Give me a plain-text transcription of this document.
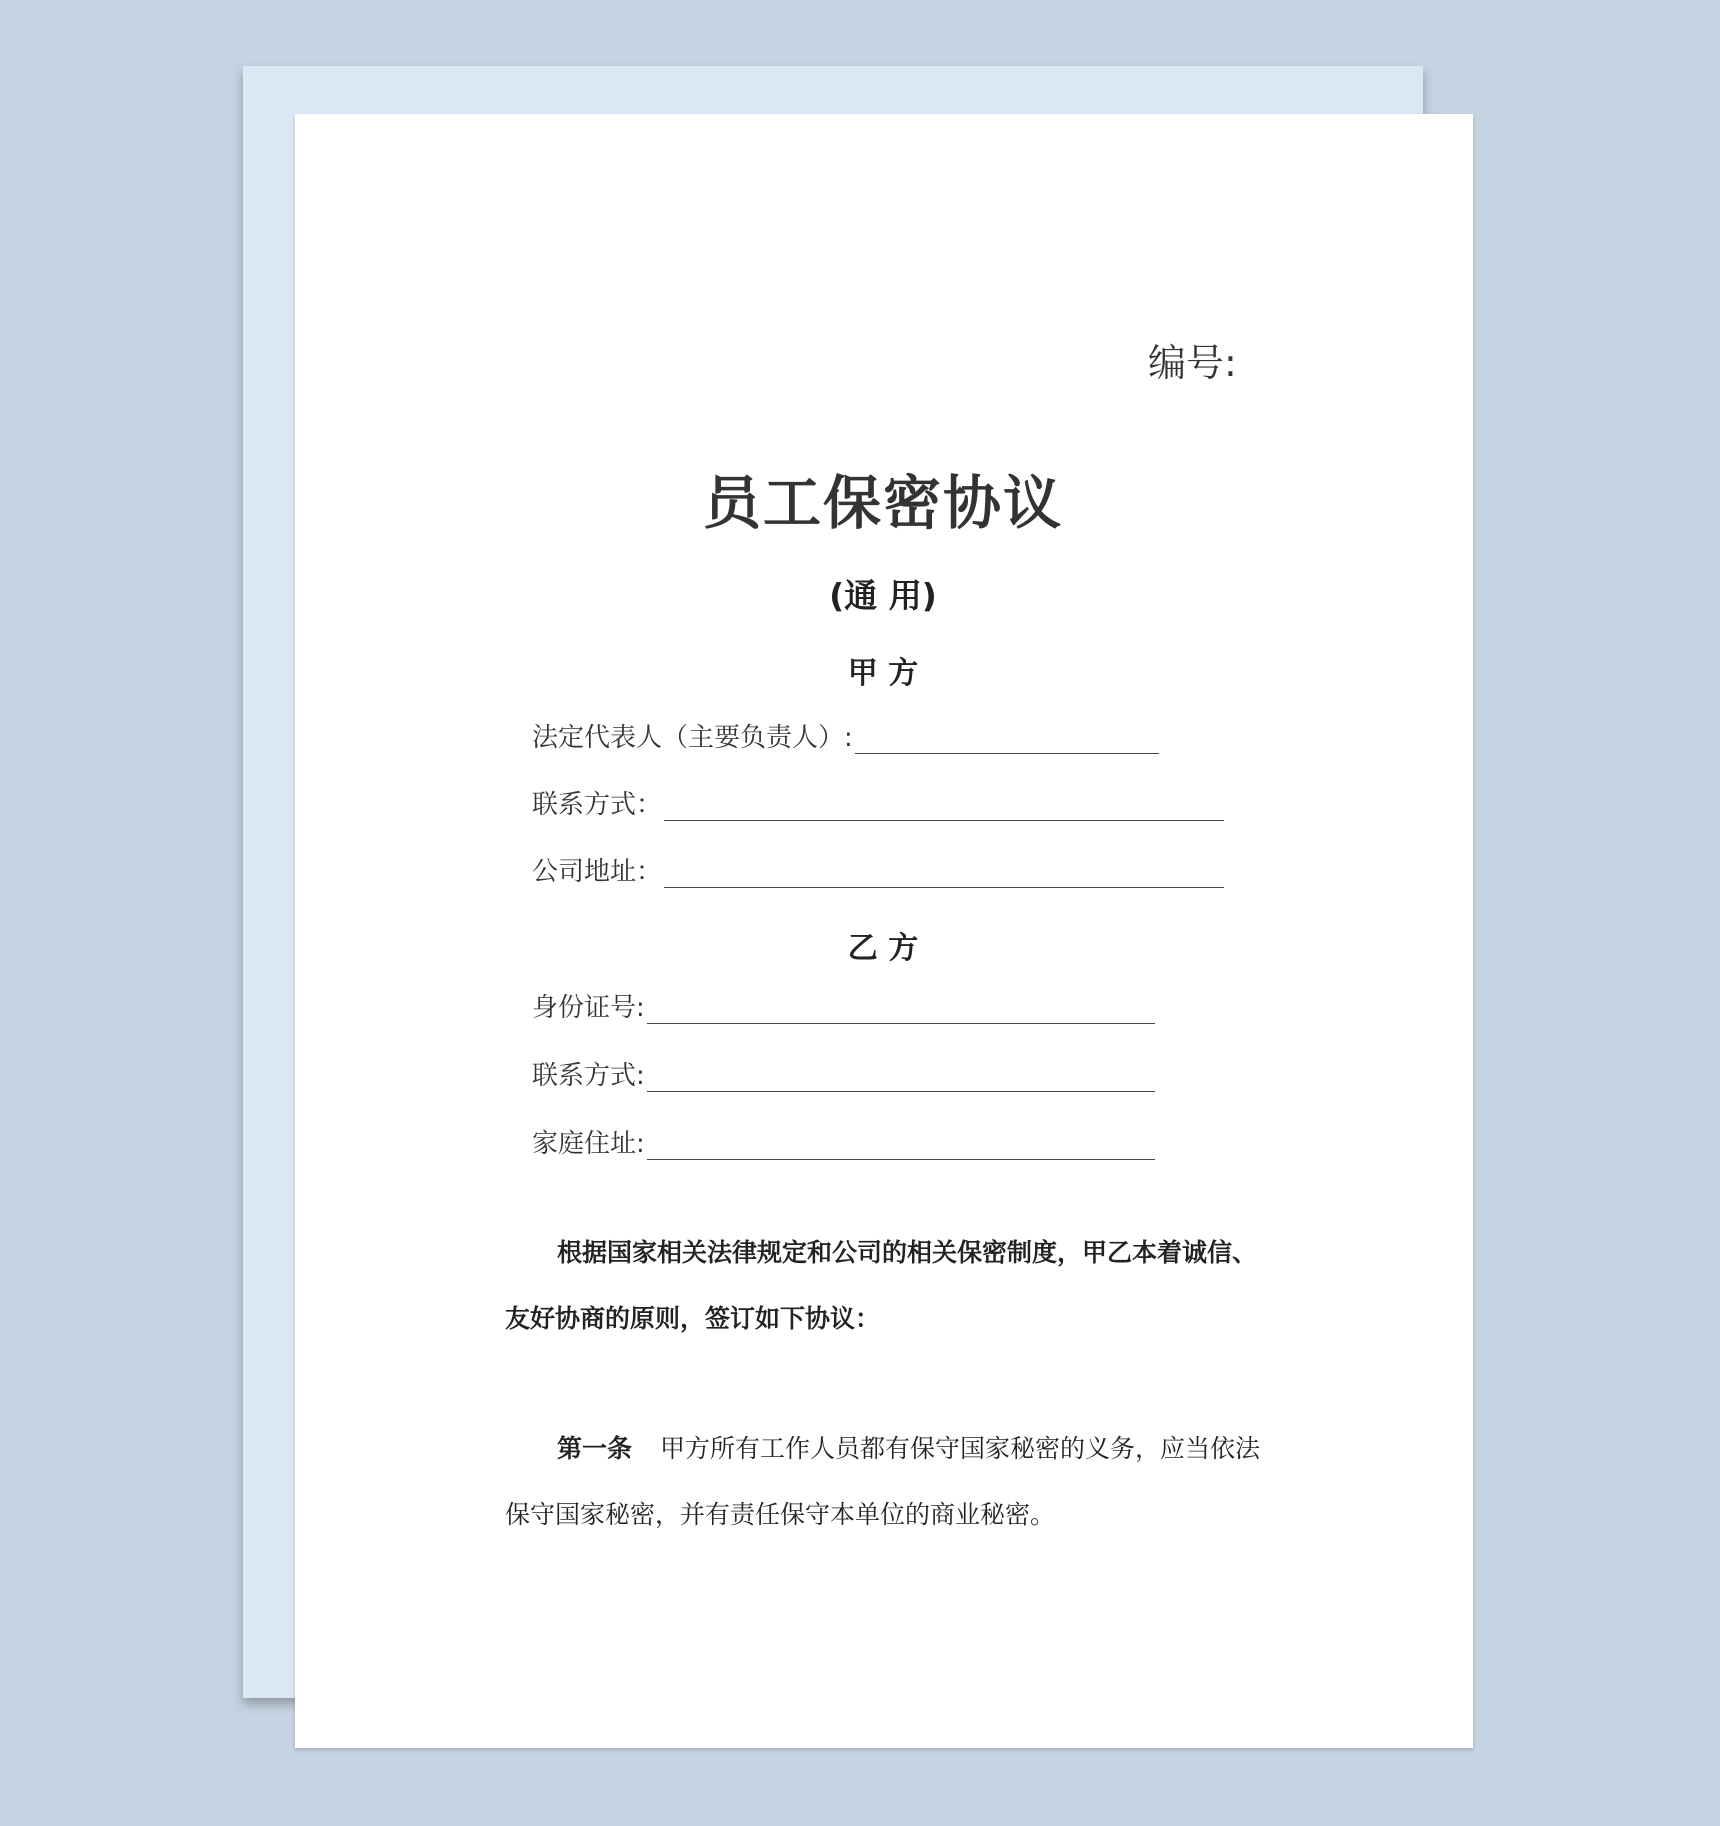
编号:
员工保密协议
(通 用)
甲 方
法定代表人（主要负责人）:
联系方式：
公司地址：
乙 方
身份证号:
联系方式:
家庭住址:

根据国家相关法律规定和公司的相关保密制度，甲乙本着诚信、友好协商的原则，签订如下协议：

第一条 甲方所有工作人员都有保守国家秘密的义务，应当依法保守国家秘密，并有责任保守本单位的商业秘密。
